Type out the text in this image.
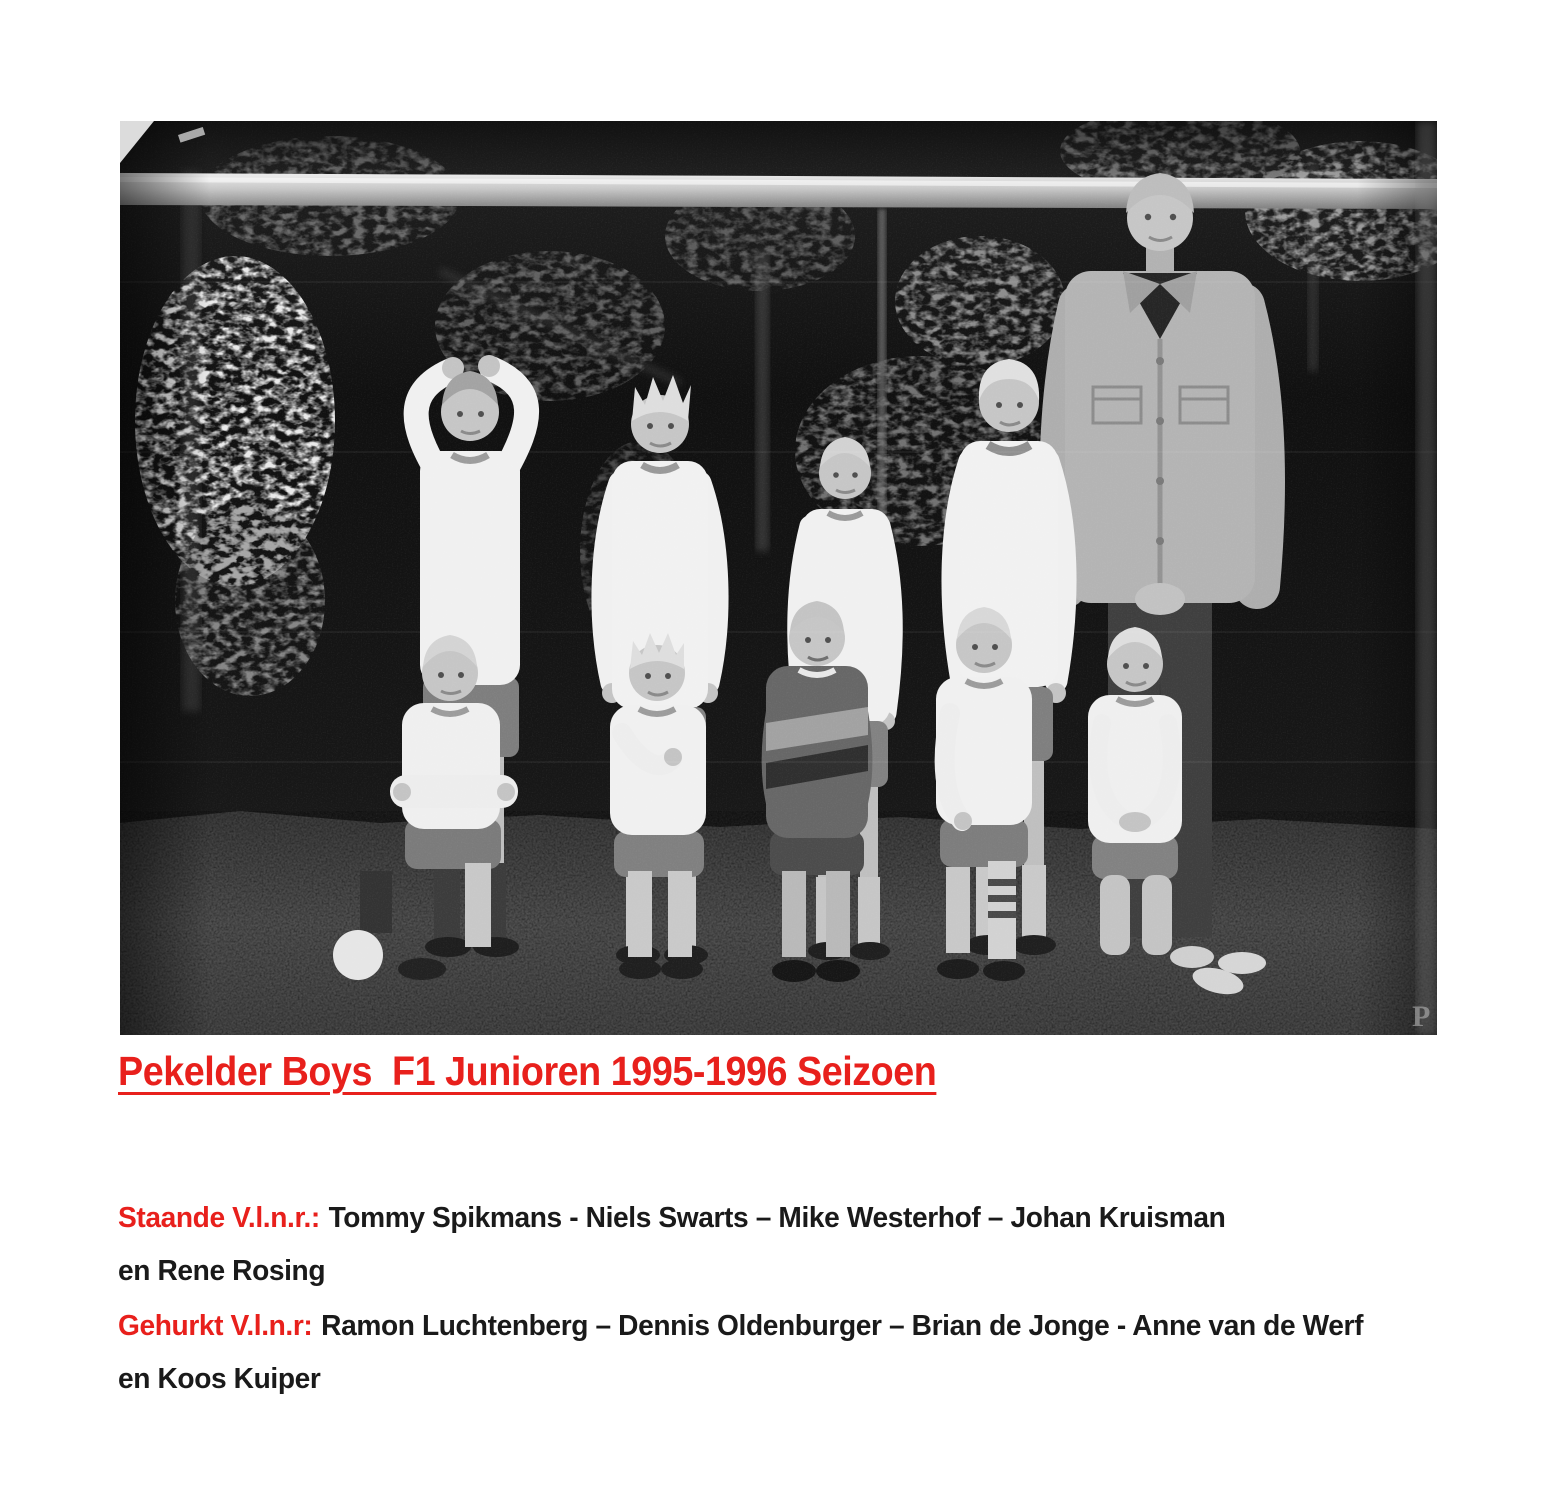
P
Pekelder Boys  F1 Junioren 1995-1996 Seizoen

Staande V.l.n.r.: Tommy Spikmans - Niels Swarts – Mike Westerhof – Johan Kruisman
en Rene Rosing

Gehurkt V.l.n.r: Ramon Luchtenberg – Dennis Oldenburger – Brian de Jonge - Anne van de Werf
en Koos Kuiper
